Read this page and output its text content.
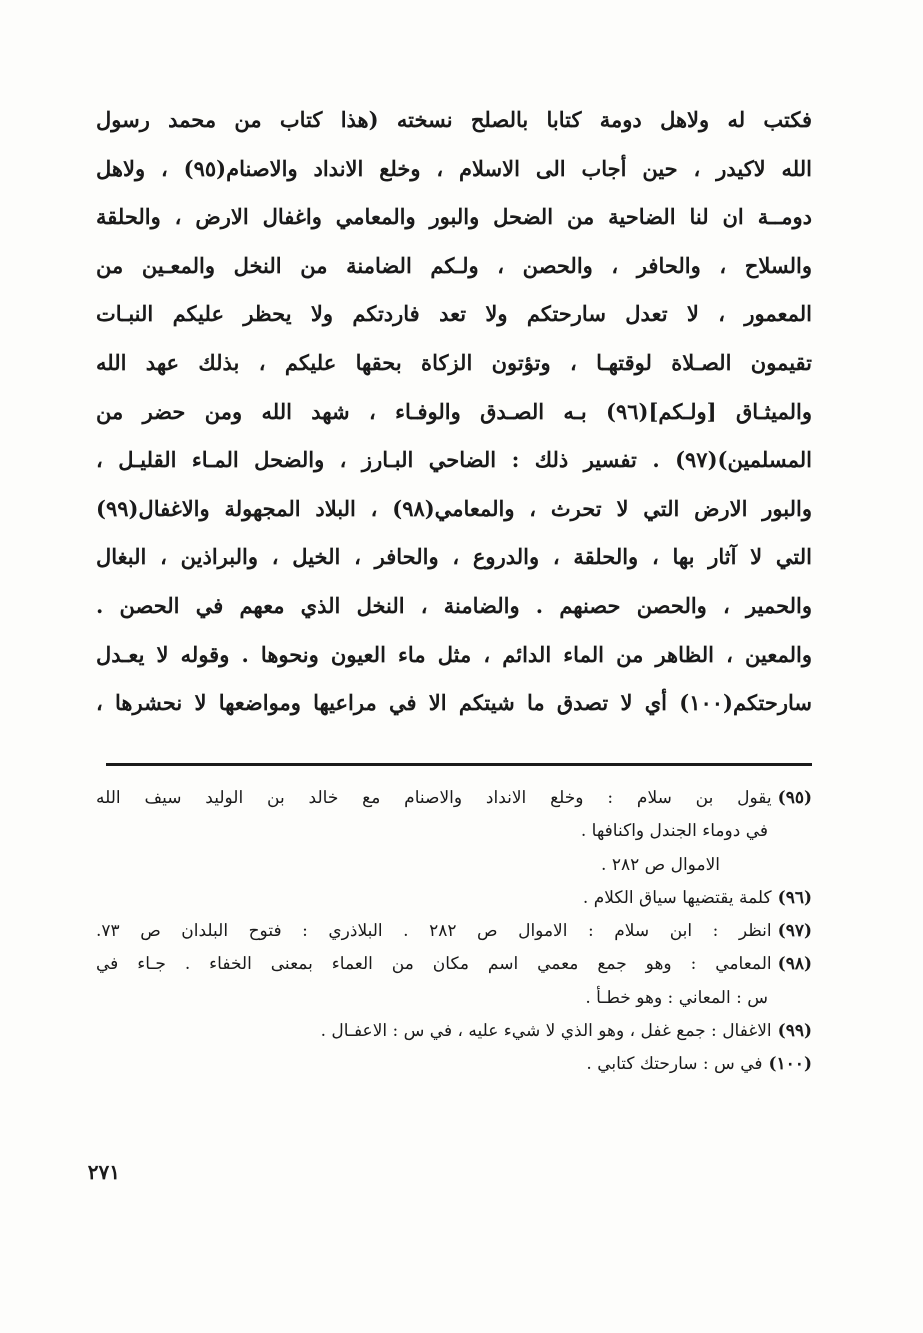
فكتب له ولاهل دومة كتابا بالصلح نسخته (هذا كتاب من محمد رسول
الله لاكيدر ، حين أجاب الى الاسلام ، وخلع الانداد والاصنام(٩٥) ، ولاهل
دومــة ان لنا الضاحية من الضحل والبور والمعامي واغفال الارض ، والحلقة
والسلاح ، والحافر ، والحصن ، ولـكم الضامنة من النخل والمعـين من
المعمور ، لا تعدل سارحتكم ولا تعد فاردتكم ولا يحظر عليكم النبـات
تقيمون الصـلاة لوقتهـا ، وتؤتون الزكاة بحقها عليكم ، بذلك عهد الله
والميثـاق [ولـكم](٩٦) بـه الصـدق والوفـاء ، شهد الله ومن حضر من
المسلمين)(٩٧) . تفسير ذلك : الضاحي البـارز ، والضحل المـاء القليـل ،
والبور الارض التي لا تحرث ، والمعامي(٩٨) ، البلاد المجهولة والاغفال(٩٩)
التي لا آثار بها ، والحلقة ، والدروع ، والحافر ، الخيل ، والبراذين ، البغال
والحمير ، والحصن حصنهم . والضامنة ، النخل الذي معهم في الحصن .
والمعين ، الظاهر من الماء الدائم ، مثل ماء العيون ونحوها . وقوله لا يعـدل
سارحتكم(١٠٠) أي لا تصدق ما شيتكم الا في مراعيها ومواضعها لا نحشرها ،
(٩٥)يقول بن سلام : وخلع الانداد والاصنام مع خالد بن الوليد سيف الله
في دوماء الجندل واكنافها .
الاموال ص ٢٨٢ .
(٩٦)كلمة يقتضيها سياق الكلام .
(٩٧)انظر : ابن سلام : الاموال ص ٢٨٢ . البلاذري : فتوح البلدان ص ٧٣.
(٩٨)المعامي : وهو جمع معمي اسم مكان من العماء بمعنى الخفاء . جـاء في
س : المعاني : وهو خطـأ .
(٩٩)الاغفال : جمع غفل ، وهو الذي لا شيء عليه ، في س : الاعفـال .
(١٠٠)في س : سارحتك كتابي .
٢٧١
